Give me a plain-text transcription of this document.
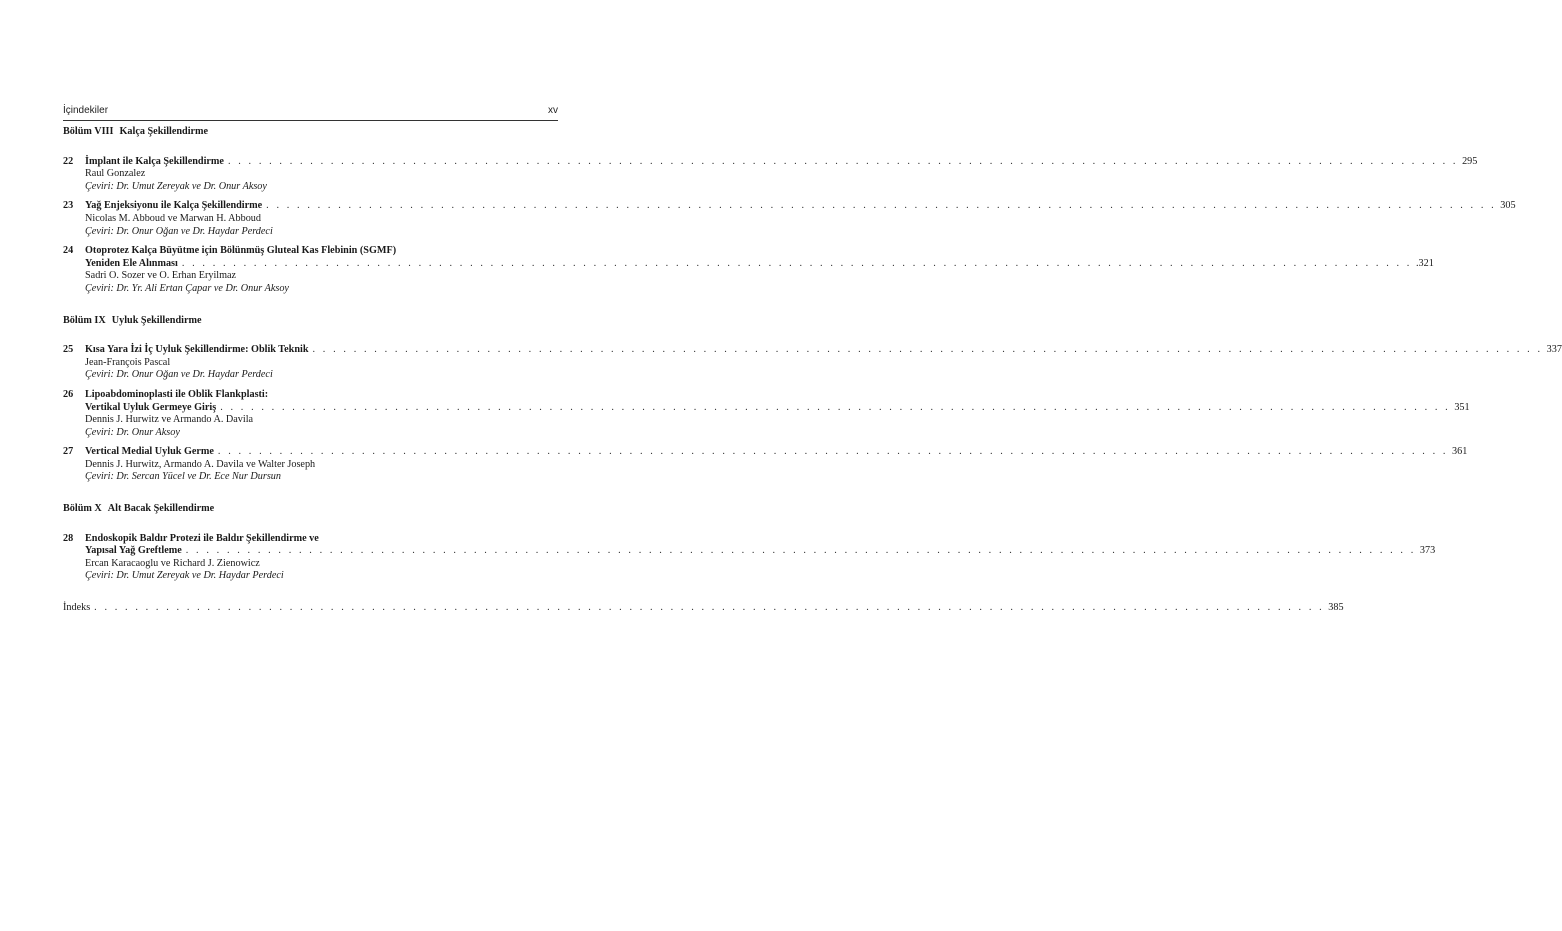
İçindekiler	xv
Bölüm VIII Kalça Şekillendirme
22	İmplant ile Kalça Şekillendirme . . . . . . . . . . . . . . . . . . . . . . . . . . . . . . . . . . . . . . . . . . . . . . . . . . . . . . . . . . . . . . . . . . . . . . . . . . . . . . . . . . . . . . . . . . . . . . . . . . . . . . . . . . . . . . . . . . . . . . . . 295
Raul Gonzalez
Çeviri: Dr. Umut Zereyak ve Dr. Onur Aksoy
23	Yağ Enjeksiyonu ile Kalça Şekillendirme . . . . . . . . . . . . . . . . . . . . . . . . . . . . . . . . . . . . . . . . . . . . . . . . . . . . . . . . . . . . . . . . . . . . . . . . . . . . . . . . . . . . . . . . . . . . . . . . . . . . . . . . . . . . . . . . . . . . . . . . 305
Nicolas M. Abboud ve Marwan H. Abboud
Çeviri: Dr. Onur Oğan ve Dr. Haydar Perdeci
24	Otoprotez Kalça Büyütme için Bölünmüş Gluteal Kas Flebinin (SGMF)
Yeniden Ele Alınması . . . . . . . . . . . . . . . . . . . . . . . . . . . . . . . . . . . . . . . . . . . . . . . . . . . . . . . . . . . . . . . . . . . . . . . . . . . . . . . . . . . . . . . . . . . . . . . . . . . . . . . . . . . . . . . . . . . . . . . . .321
Sadri O. Sozer ve O. Erhan Eryilmaz
Çeviri: Dr. Yr. Ali Ertan Çapar ve Dr. Onur Aksoy
Bölüm IX Uyluk Şekillendirme
25	Kısa Yara İzi İç Uyluk Şekillendirme: Oblik Teknik . . . . . . . . . . . . . . . . . . . . . . . . . . . . . . . . . . . . . . . . . . . . . . . . . . . . . . . . . . . . . . . . . . . . . . . . . . . . . . . . . . . . . . . . . . . . . . . . . . . . . . . . . . . . . . . . . . . . . . . . 337
Jean-François Pascal
Çeviri: Dr. Onur Oğan ve Dr. Haydar Perdeci
26	Lipoabdominoplasti ile Oblik Flankplasti:
Vertikal Uyluk Germeye Giriş . . . . . . . . . . . . . . . . . . . . . . . . . . . . . . . . . . . . . . . . . . . . . . . . . . . . . . . . . . . . . . . . . . . . . . . . . . . . . . . . . . . . . . . . . . . . . . . . . . . . . . . . . . . . . . . . . . . . . . . . 351
Dennis J. Hurwitz ve Armando A. Davila
Çeviri: Dr. Onur Aksoy
27	Vertical Medial Uyluk Germe . . . . . . . . . . . . . . . . . . . . . . . . . . . . . . . . . . . . . . . . . . . . . . . . . . . . . . . . . . . . . . . . . . . . . . . . . . . . . . . . . . . . . . . . . . . . . . . . . . . . . . . . . . . . . . . . . . . . . . . . 361
Dennis J. Hurwitz, Armando A. Davila ve Walter Joseph
Çeviri: Dr. Sercan Yücel ve Dr. Ece Nur Dursun
Bölüm X Alt Bacak Şekillendirme
28	Endoskopik Baldır Protezi ile Baldır Şekillendirme ve
Yapısal Yağ Greftleme . . . . . . . . . . . . . . . . . . . . . . . . . . . . . . . . . . . . . . . . . . . . . . . . . . . . . . . . . . . . . . . . . . . . . . . . . . . . . . . . . . . . . . . . . . . . . . . . . . . . . . . . . . . . . . . . . . . . . . . . 373
Ercan Karacaoglu ve Richard J. Zienowicz
Çeviri: Dr. Umut Zereyak ve Dr. Haydar Perdeci
İndeks . . . . . . . . . . . . . . . . . . . . . . . . . . . . . . . . . . . . . . . . . . . . . . . . . . . . . . . . . . . . . . . . . . . . . . . . . . . . . . . . . . . . . . . . . . . . . . . . . . . . . . . . . . . . . . . . . . . . . . . . 385
